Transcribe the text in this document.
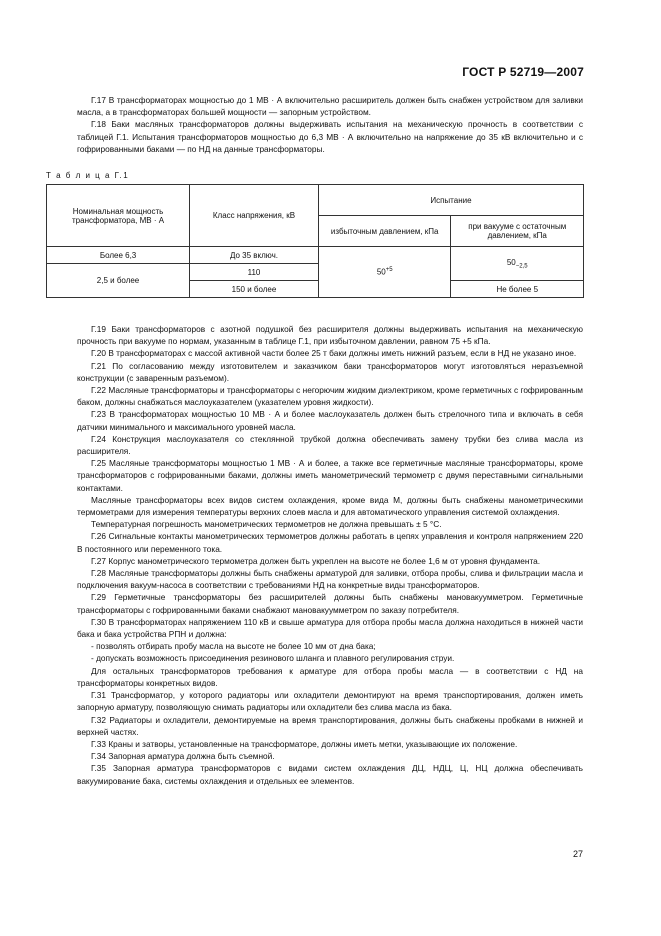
ГОСТ Р 52719—2007

Г.17 В трансформаторах мощностью до 1 МВ · А включительно расширитель должен быть снабжен устройством для заливки масла, а в трансформаторах большей мощности — запорным устройством.

Г.18 Баки масляных трансформаторов должны выдерживать испытания на механическую прочность в соответствии с таблицей Г.1. Испытания трансформаторов мощностью до 6,3 МВ · А включительно на напряжение до 35 кВ включительно и с гофрированными баками — по НД на данные трансформаторы.

Т а б л и ц а Г.1
Номинальная мощность трансформатора, МВ · А	Класс напряжения, кВ	Испытание	
		избыточным давлением, кПа	при вакууме с остаточным давлением, кПа
Более 6,3	До 35 включ.	$50^{+5}$	$50_{-2,5}$
2,5 и более	110		
	150 и более		Не более 5

Г.19 Баки трансформаторов с азотной подушкой без расширителя должны выдерживать испытания на механическую прочность при вакууме по нормам, указанным в таблице Г.1, при избыточном давлении, равном 75 +5 кПа.

Г.20 В трансформаторах с массой активной части более 25 т баки должны иметь нижний разъем, если в НД не указано иное.

Г.21 По согласованию между изготовителем и заказчиком баки трансформаторов могут изготовляться неразъемной конструкции (с заваренным разъемом).

Г.22 Масляные трансформаторы и трансформаторы с негорючим жидким диэлектриком, кроме герметичных с гофрированным баком, должны снабжаться маслоуказателем (указателем уровня жидкости).

Г.23 В трансформаторах мощностью 10 МВ · А и более маслоуказатель должен быть стрелочного типа и включать в себя датчики минимального и максимального уровней масла.

Г.24 Конструкция маслоуказателя со стеклянной трубкой должна обеспечивать замену трубки без слива масла из расширителя.

Г.25 Масляные трансформаторы мощностью 1 МВ · А и более, а также все герметичные масляные трансформаторы, кроме трансформаторов с гофрированными баками, должны иметь манометрический термометр с двумя переставными сигнальными контактами.

Масляные трансформаторы всех видов систем охлаждения, кроме вида М, должны быть снабжены манометрическими термометрами для измерения температуры верхних слоев масла и для автоматического управления системой охлаждения.

Температурная погрешность манометрических термометров не должна превышать ± 5 °С.

Г.26 Сигнальные контакты манометрических термометров должны работать в цепях управления и контроля напряжением 220 В постоянного или переменного тока.

Г.27 Корпус манометрического термометра должен быть укреплен на высоте не более 1,6 м от уровня фундамента.

Г.28 Масляные трансформаторы должны быть снабжены арматурой для заливки, отбора пробы, слива и фильтрации масла и подключения вакуум-насоса в соответствии с требованиями НД на конкретные виды трансформаторов.

Г.29 Герметичные трансформаторы без расширителей должны быть снабжены мановакуумметром. Герметичные трансформаторы с гофрированными баками снабжают мановакуумметром по заказу потребителя.

Г.30 В трансформаторах напряжением 110 кВ и свыше арматура для отбора пробы масла должна находиться в нижней части бака и бака устройства РПН и должна:

- позволять отбирать пробу масла на высоте не более 10 мм от дна бака;

- допускать возможность присоединения резинового шланга и плавного регулирования струи.

Для остальных трансформаторов требования к арматуре для отбора пробы масла — в соответствии с НД на трансформаторы конкретных видов.

Г.31 Трансформатор, у которого радиаторы или охладители демонтируют на время транспортирования, должен иметь запорную арматуру, позволяющую снимать радиаторы или охладители без слива масла из бака.

Г.32 Радиаторы и охладители, демонтируемые на время транспортирования, должны быть снабжены пробками в нижней и верхней частях.

Г.33 Краны и затворы, установленные на трансформаторе, должны иметь метки, указывающие их положение.

Г.34 Запорная арматура должна быть съемной.

Г.35 Запорная арматура трансформаторов с видами систем охлаждения ДЦ, НДЦ, Ц, НЦ должна обеспечивать вакуумирование бака, системы охлаждения и отдельных ее элементов.

27
